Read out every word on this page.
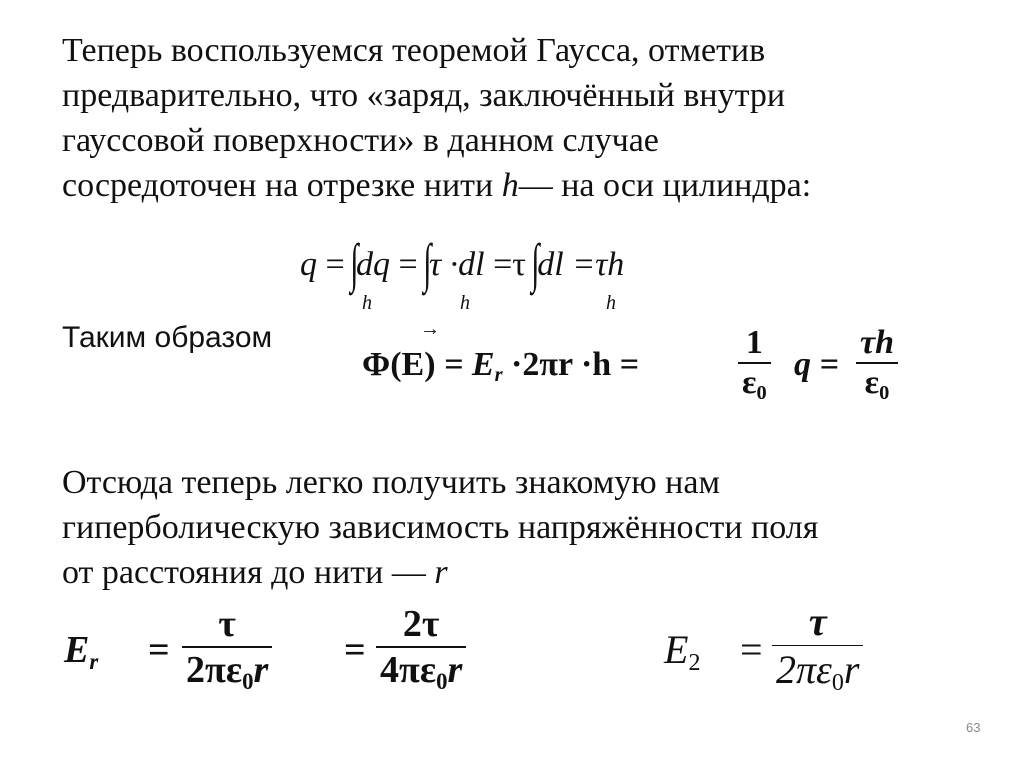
Теперь воспользуемся теоремой Гаусса, отметив
предварительно, что «заряд, заключённый внутри
гауссовой поверхности» в данном случае
сосредоточен на отрезке нити h— на оси цилиндра:
q = ∫dq = ∫τ ·dl =τ ∫dl =τh
h	h	h
Таким образом	→
$\Phi(E) = E_r \cdot 2\pi r \cdot h$ =	$\frac{1}{\varepsilon_0}$ $q = \frac{\tau h}{\varepsilon_0}$
Отсюда теперь легко получить знакомую нам
гиперболическую зависимость напряжённости поля
от расстояния до нити — r
$E_r = \frac{\tau}{2\pi\varepsilon_0r} = \frac{2\tau}{4\pi\varepsilon_0r}$	$E_2 = \frac{\tau}{2\pi\varepsilon_0r}$
63
